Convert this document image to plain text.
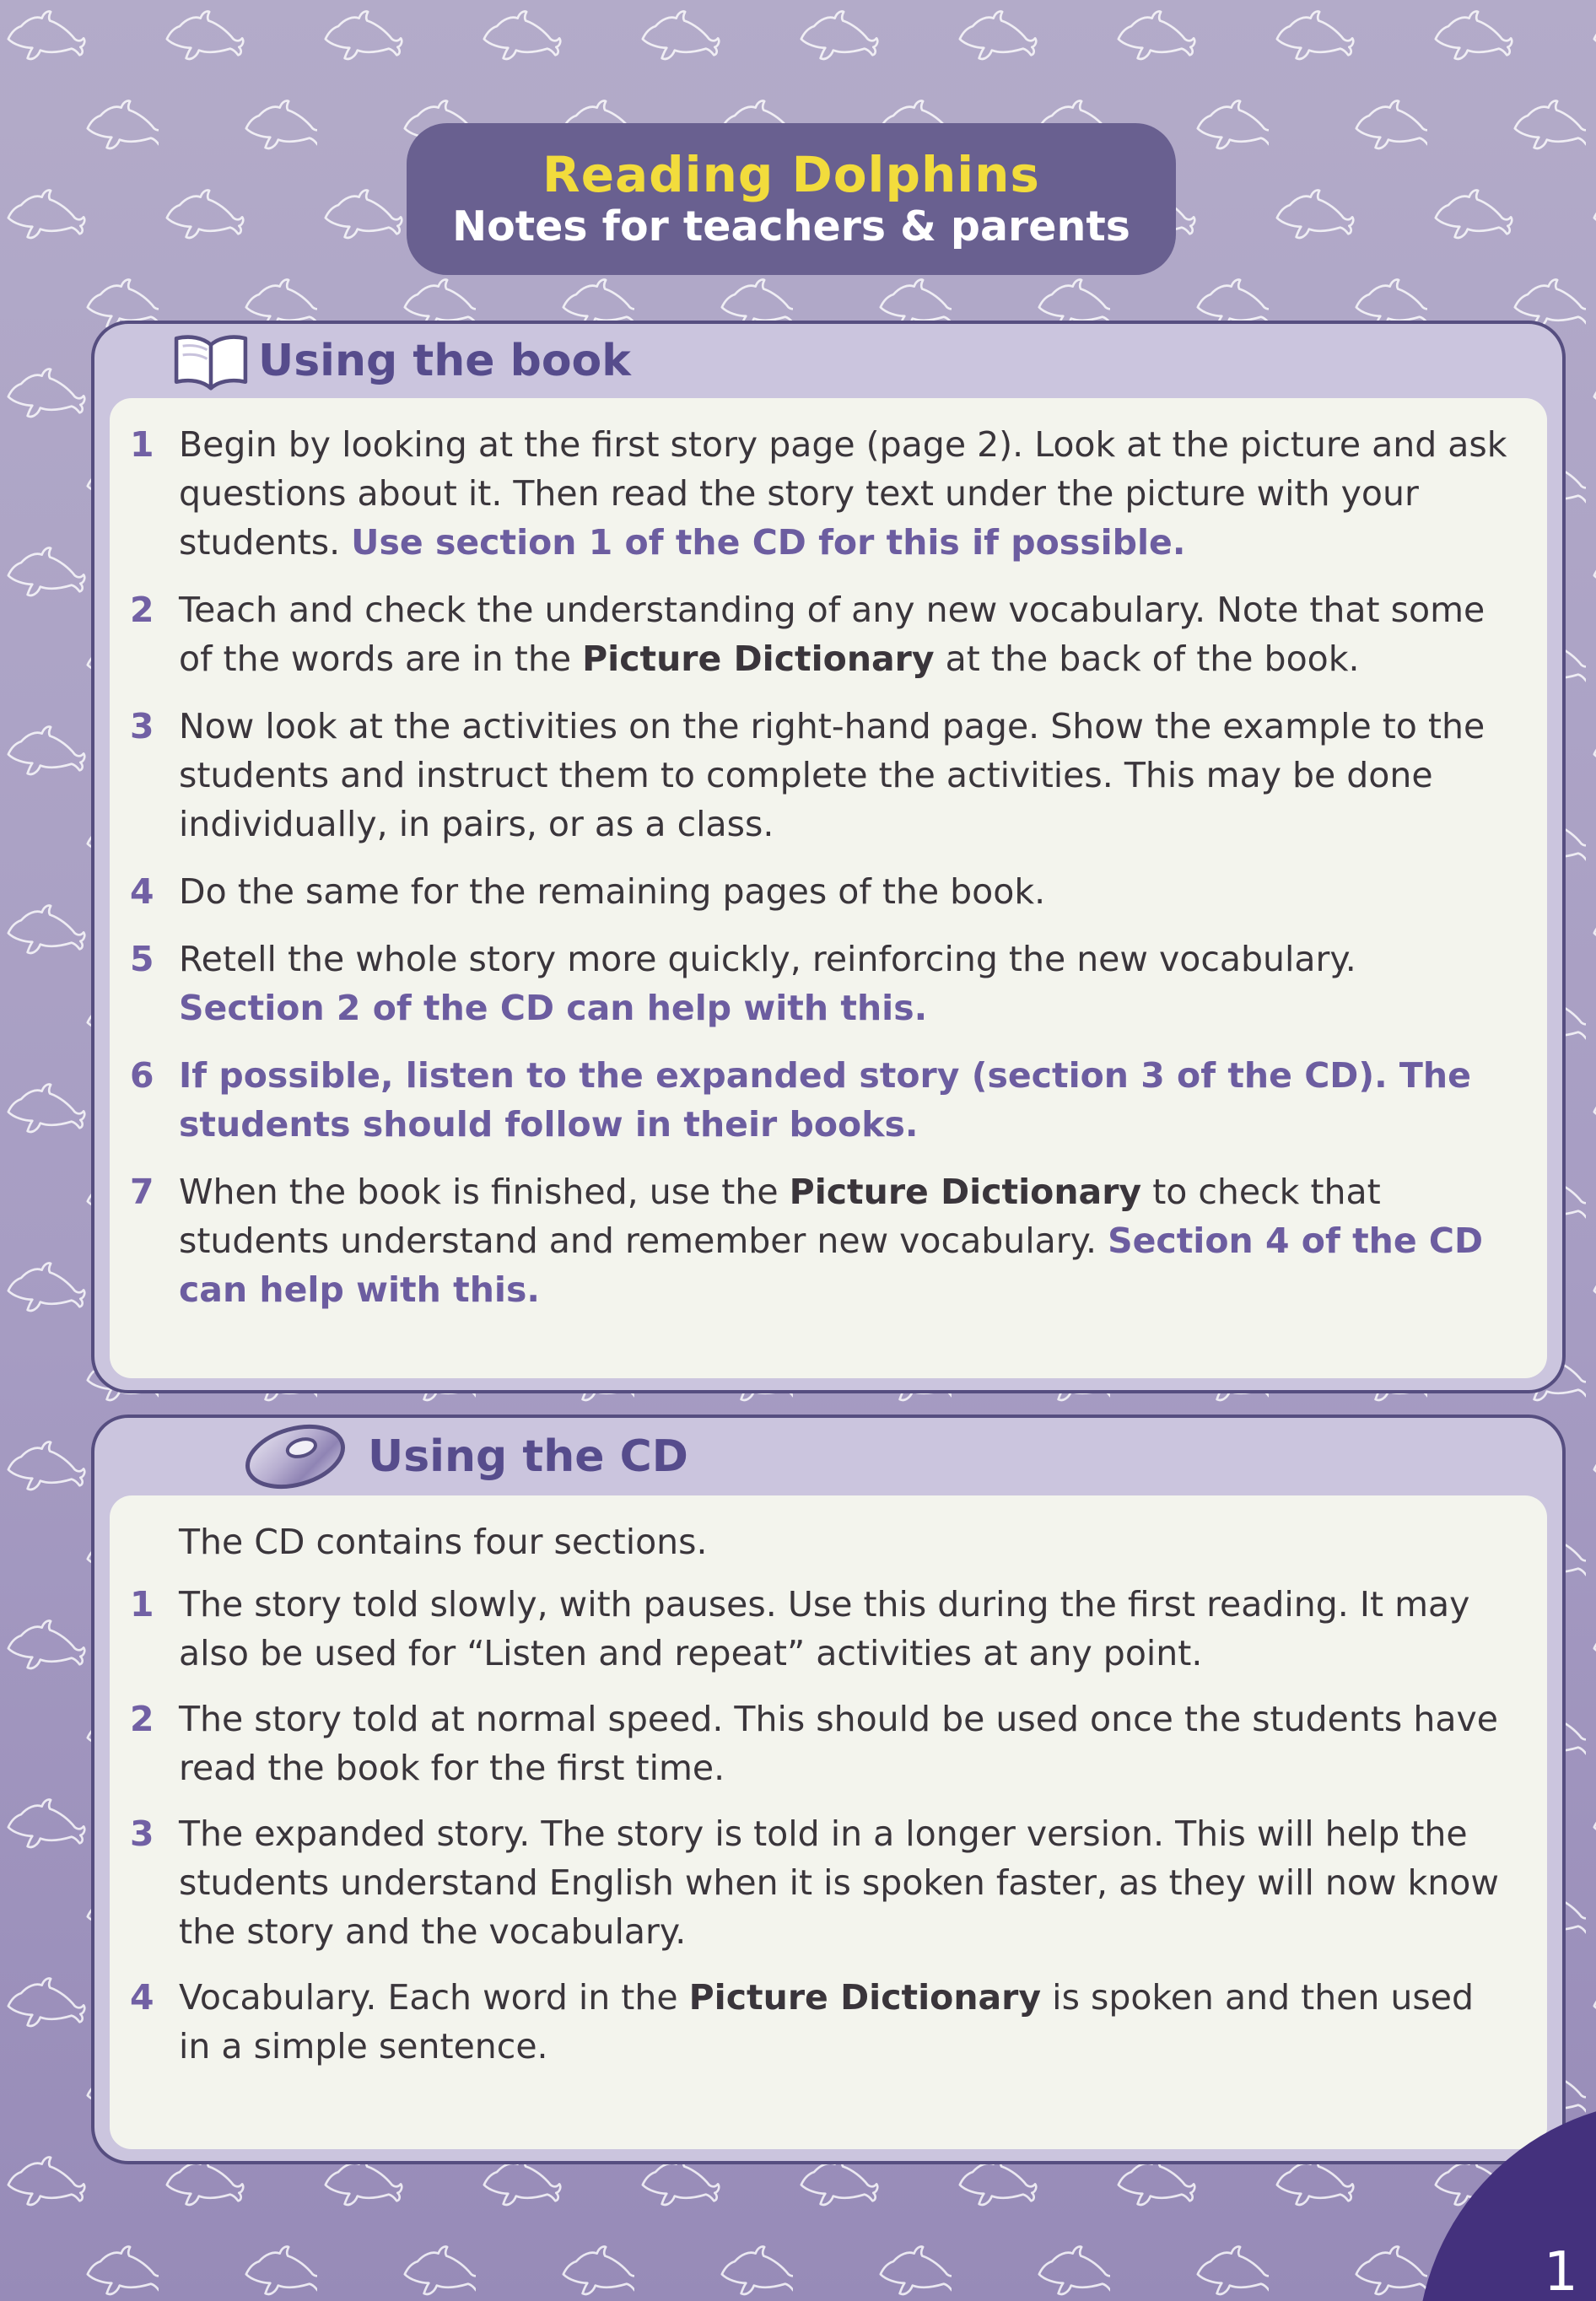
Reading Dolphins
Notes for teachers & parents
Using the book
1 Begin by looking at the first story page (page 2). Look at the picture and ask questions about it. Then read the story text under the picture with your students. Use section 1 of the CD for this if possible.

2 Teach and check the understanding of any new vocabulary. Note that some of the words are in the Picture Dictionary at the back of the book.

3 Now look at the activities on the right-hand page. Show the example to the students and instruct them to complete the activities. This may be done individually, in pairs, or as a class.

4 Do the same for the remaining pages of the book.

5 Retell the whole story more quickly, reinforcing the new vocabulary. Section 2 of the CD can help with this.

6 If possible, listen to the expanded story (section 3 of the CD). The students should follow in their books.

7 When the book is finished, use the Picture Dictionary to check that students understand and remember new vocabulary. Section 4 of the CD can help with this.

Using the CD

The CD contains four sections.

1 The story told slowly, with pauses. Use this during the first reading. It may also be used for “Listen and repeat” activities at any point.

2 The story told at normal speed. This should be used once the students have read the book for the first time.

3 The expanded story. The story is told in a longer version. This will help the students understand English when it is spoken faster, as they will now know the story and the vocabulary.

4 Vocabulary. Each word in the Picture Dictionary is spoken and then used in a simple sentence.

1
